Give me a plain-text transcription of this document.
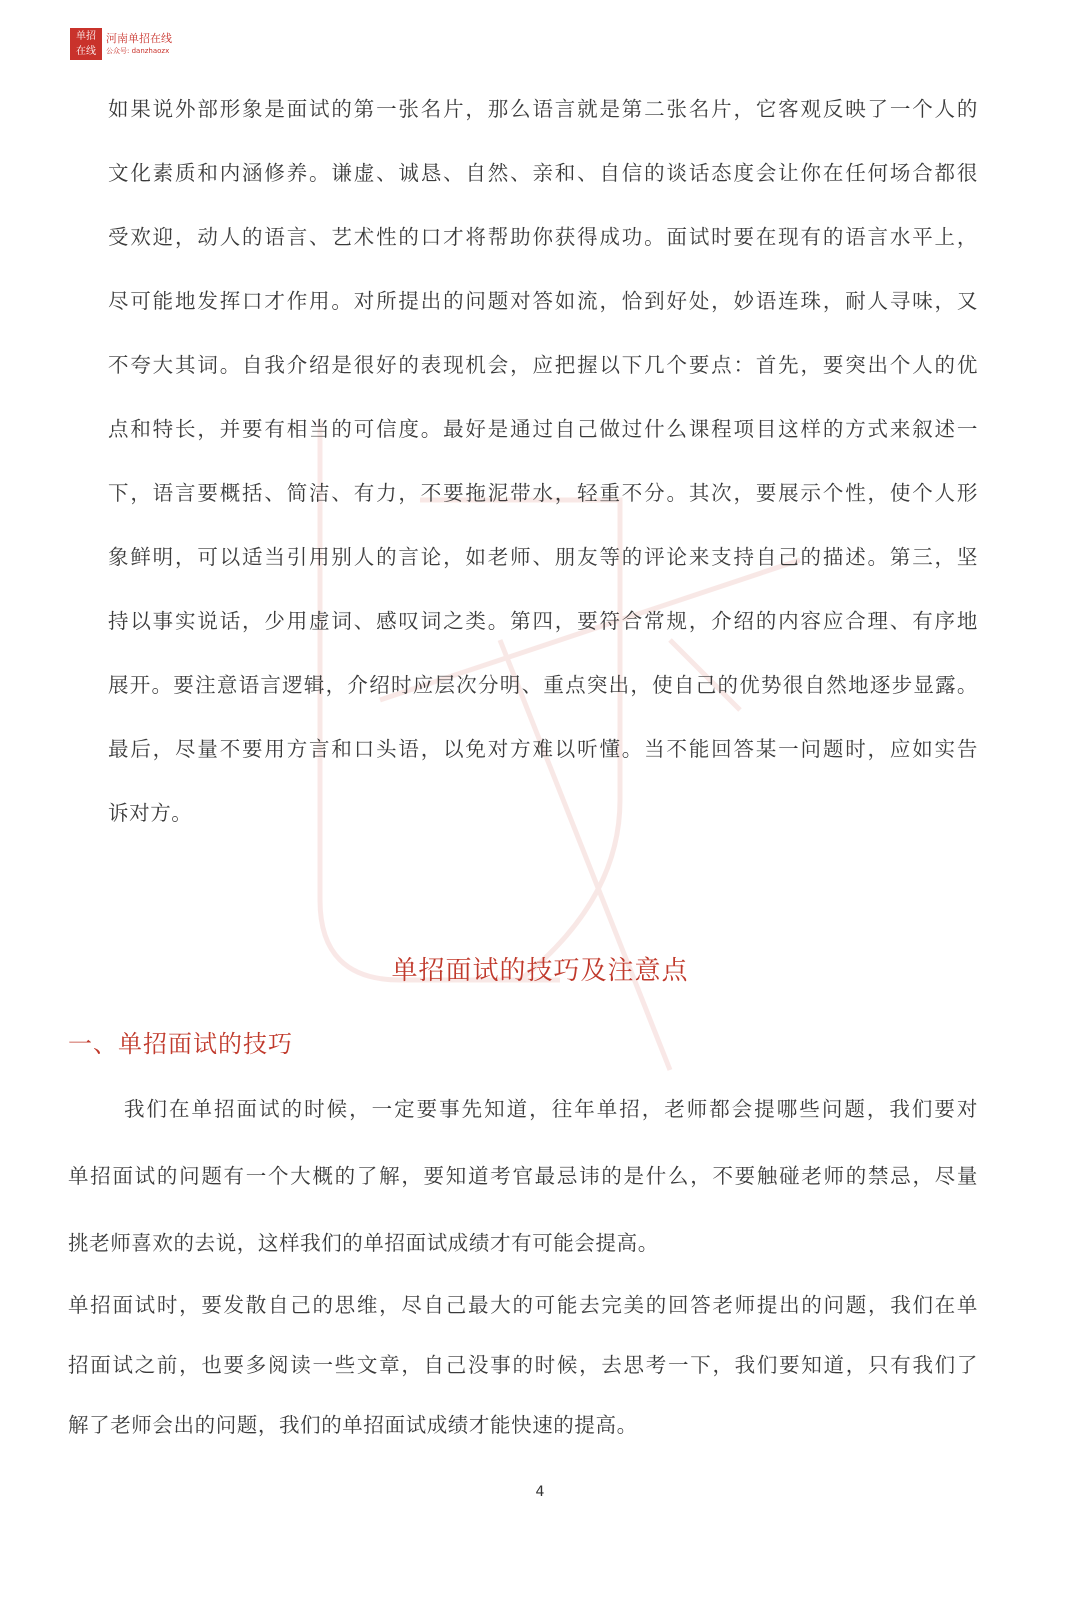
单招
在线
河南单招在线
公众号: danzhaozx
如果说外部形象是面试的第一张名片，那么语言就是第二张名片，它客观反映了一个人的
文化素质和内涵修养。谦虚、诚恳、自然、亲和、自信的谈话态度会让你在任何场合都很
受欢迎，动人的语言、艺术性的口才将帮助你获得成功。面试时要在现有的语言水平上，
尽可能地发挥口才作用。对所提出的问题对答如流，恰到好处，妙语连珠，耐人寻味，又
不夸大其词。自我介绍是很好的表现机会，应把握以下几个要点：首先，要突出个人的优
点和特长，并要有相当的可信度。最好是通过自己做过什么课程项目这样的方式来叙述一
下，语言要概括、简洁、有力，不要拖泥带水，轻重不分。其次，要展示个性，使个人形
象鲜明，可以适当引用别人的言论，如老师、朋友等的评论来支持自己的描述。第三，坚
持以事实说话，少用虚词、感叹词之类。第四，要符合常规，介绍的内容应合理、有序地
展开。要注意语言逻辑，介绍时应层次分明、重点突出，使自己的优势很自然地逐步显露。
最后，尽量不要用方言和口头语，以免对方难以听懂。当不能回答某一问题时，应如实告
诉对方。
单招面试的技巧及注意点
一、单招面试的技巧
我们在单招面试的时候，一定要事先知道，往年单招，老师都会提哪些问题，我们要对
单招面试的问题有一个大概的了解，要知道考官最忌讳的是什么，不要触碰老师的禁忌，尽量
挑老师喜欢的去说，这样我们的单招面试成绩才有可能会提高。
单招面试时，要发散自己的思维，尽自己最大的可能去完美的回答老师提出的问题，我们在单
招面试之前，也要多阅读一些文章，自己没事的时候，去思考一下，我们要知道，只有我们了
解了老师会出的问题，我们的单招面试成绩才能快速的提高。
4
